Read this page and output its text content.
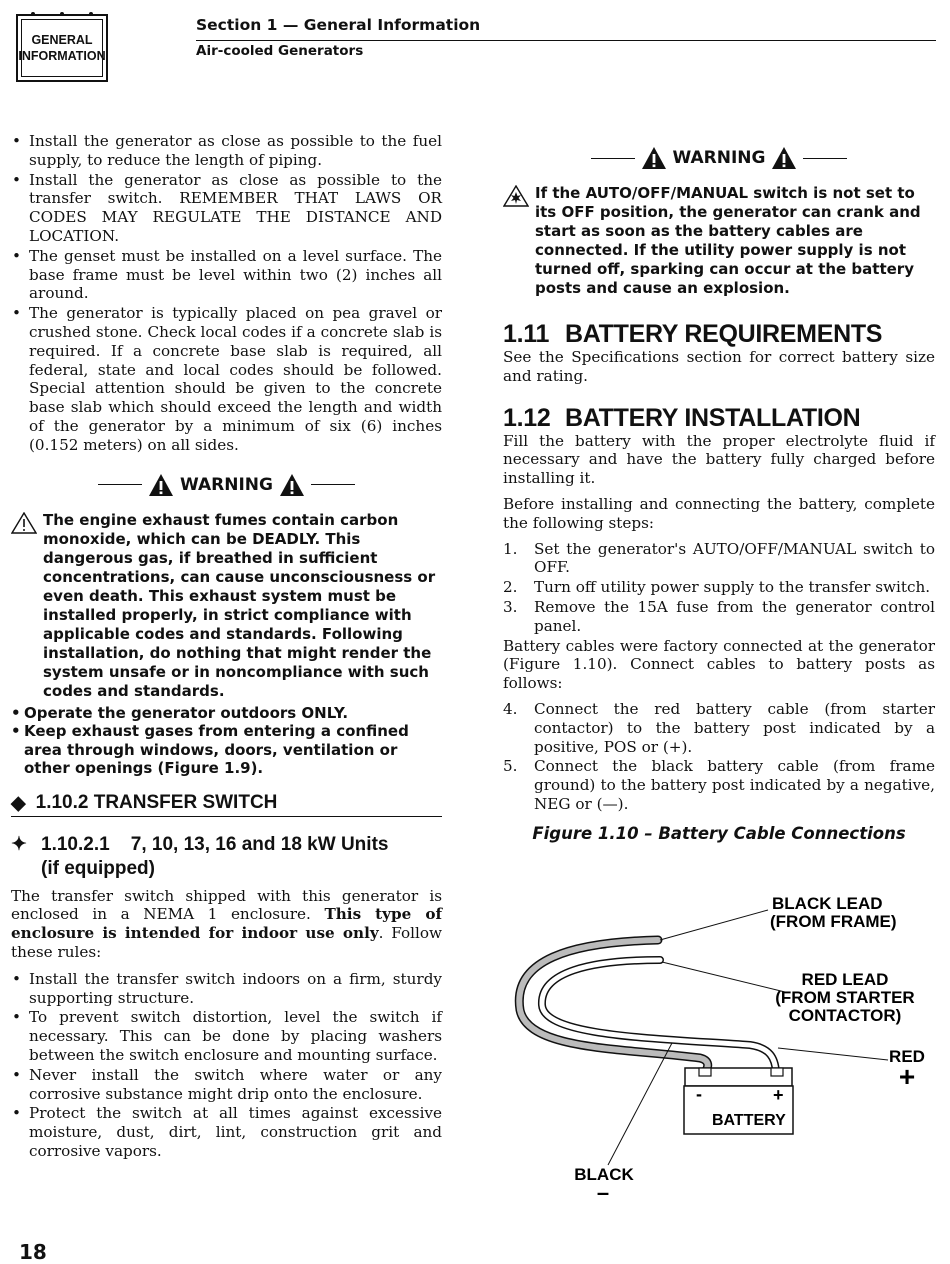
GENERAL
INFORMATION
Section 1 — General Information
Air-cooled Generators
• Install the generator as close as possible to the fuel supply, to reduce the length of piping.
• Install the generator as close as possible to the transfer switch. REMEMBER THAT LAWS OR CODES MAY REGULATE THE DISTANCE AND LOCATION.
• The genset must be installed on a level surface. The base frame must be level within two (2) inches all around.
• The generator is typically placed on pea gravel or crushed stone. Check local codes if a concrete slab is required. If a concrete base slab is required, all federal, state and local codes should be followed. Special attention should be given to the concrete base slab which should exceed the length and width of the generator by a minimum of six (6) inches (0.152 meters) on all sides.
WARNING
The engine exhaust fumes contain carbon monoxide, which can be DEADLY. This dangerous gas, if breathed in sufficient concentrations, can cause unconsciousness or even death. This exhaust system must be installed properly, in strict compliance with applicable codes and standards. Following installation, do nothing that might render the system unsafe or in noncompliance with such codes and standards.
• Operate the generator outdoors ONLY.
• Keep exhaust gases from entering a confined area through windows, doors, ventilation or other openings (Figure 1.9).
◆ 1.10.2 TRANSFER SWITCH
✦ 1.10.2.1 7, 10, 13, 16 and 18 kW Units
(if equipped)

The transfer switch shipped with this generator is enclosed in a NEMA 1 enclosure. This type of enclosure is intended for indoor use only. Follow these rules:

• Install the transfer switch indoors on a firm, sturdy supporting structure.
• To prevent switch distortion, level the switch if necessary. This can be done by placing washers between the switch enclosure and mounting surface.
• Never install the switch where water or any corrosive substance might drip onto the enclosure.
• Protect the switch at all times against excessive moisture, dust, dirt, lint, construction grit and corrosive vapors.
WARNING
If the AUTO/OFF/MANUAL switch is not set to its OFF position, the generator can crank and start as soon as the battery cables are connected. If the utility power supply is not turned off, sparking can occur at the battery posts and cause an explosion.
1.11 BATTERY REQUIREMENTS

See the Specifications section for correct battery size and rating.

1.12 BATTERY INSTALLATION

Fill the battery with the proper electrolyte fluid if necessary and have the battery fully charged before installing it.

Before installing and connecting the battery, complete the following steps:

1. Set the generator's AUTO/OFF/MANUAL switch to OFF.
2. Turn off utility power supply to the transfer switch.
3. Remove the 15A fuse from the generator control panel.

Battery cables were factory connected at the generator (Figure 1.10). Connect cables to battery posts as follows:

4. Connect the red battery cable (from starter contactor) to the battery post indicated by a positive, POS or (+).
5. Connect the black battery cable (from frame ground) to the battery post indicated by a negative, NEG or (—).
Figure 1.10 – Battery Cable Connections
-	+
BATTERY
BLACK LEAD
(FROM FRAME)
RED LEAD
(FROM STARTER
CONTACTOR)
RED
+
BLACK
–
18
